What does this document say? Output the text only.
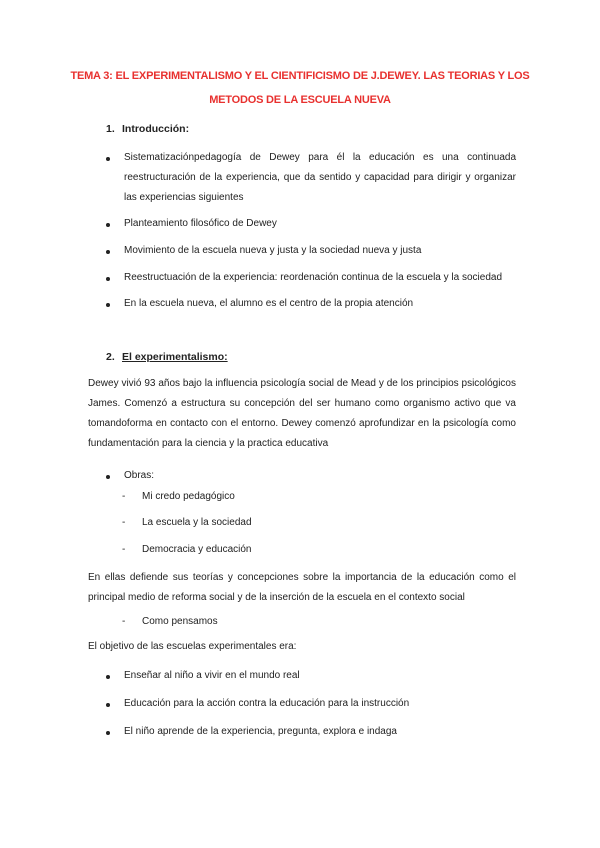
TEMA 3: EL EXPERIMENTALISMO Y EL CIENTIFICISMO DE J.DEWEY. LAS TEORIAS Y LOS
METODOS DE LA ESCUELA NUEVA
1. Introducción:
Sistematizaciónpedagogía de Dewey para él la educación es una continuada reestructuración de la experiencia, que da sentido y capacidad para dirigir y organizar las experiencias siguientes
Planteamiento filosófico de Dewey
Movimiento de la escuela nueva y justa y la sociedad nueva y justa
Reestructuación de la experiencia: reordenación continua de la escuela y la sociedad
En la escuela nueva, el alumno es el centro de la propia atención
2. El experimentalismo:
Dewey vivió 93 años bajo la influencia psicología social de Mead y de los principios psicológicos James. Comenzó a estructura su concepción del ser humano como organismo activo que va tomandoforma en contacto con el entorno. Dewey comenzó aprofundizar en la psicología como fundamentación para la ciencia y la practica educativa
Obras:
- Mi credo pedagógico
- La escuela y la sociedad
- Democracia y educación
En ellas defiende sus teorías y concepciones sobre la importancia de la educación como el principal medio de reforma social y de la inserción de la escuela en el contexto social
- Como pensamos
El objetivo de las escuelas experimentales era:
Enseñar al niño a vivir en el mundo real
Educación para la acción contra la educación para la instrucción
El niño aprende de la experiencia, pregunta, explora e indaga
